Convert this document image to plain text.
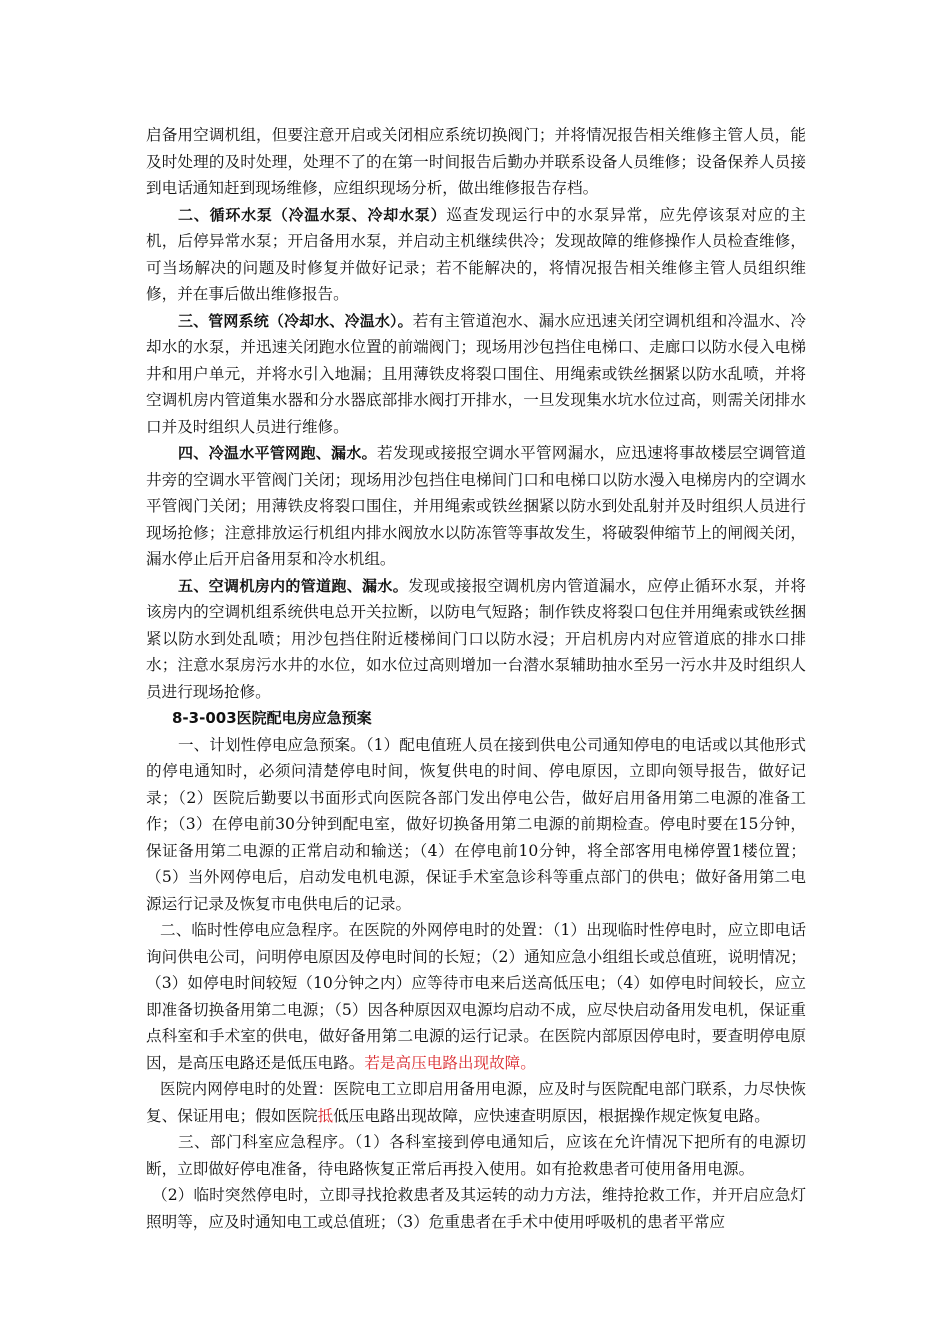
启备用空调机组，但要注意开启或关闭相应系统切换阀门；并将情况报告相关维修主管人员，能及时处理的及时处理，处理不了的在第一时间报告后勤办并联系设备人员维修；设备保养人员接到电话通知赶到现场维修，应组织现场分析，做出维修报告存档。

二、循环水泵（冷温水泵、冷却水泵）巡查发现运行中的水泵异常，应先停该泵对应的主机，后停异常水泵；开启备用水泵，并启动主机继续供冷；发现故障的维修操作人员检查维修，可当场解决的问题及时修复并做好记录；若不能解决的，将情况报告相关维修主管人员组织维修，并在事后做出维修报告。

三、管网系统（冷却水、冷温水）。若有主管道泡水、漏水应迅速关闭空调机组和冷温水、冷却水的水泵，并迅速关闭跑水位置的前端阀门；现场用沙包挡住电梯口、走廊口以防水侵入电梯井和用户单元，并将水引入地漏；且用薄铁皮将裂口围住、用绳索或铁丝捆紧以防水乱喷，并将空调机房内管道集水器和分水器底部排水阀打开排水，一旦发现集水坑水位过高，则需关闭排水口并及时组织人员进行维修。

四、冷温水平管网跑、漏水。若发现或接报空调水平管网漏水，应迅速将事故楼层空调管道井旁的空调水平管阀门关闭；现场用沙包挡住电梯间门口和电梯口以防水漫入电梯房内的空调水平管阀门关闭；用薄铁皮将裂口围住，并用绳索或铁丝捆紧以防水到处乱射并及时组织人员进行现场抢修；注意排放运行机组内排水阀放水以防冻管等事故发生，将破裂伸缩节上的闸阀关闭，漏水停止后开启备用泵和冷水机组。

五、空调机房内的管道跑、漏水。发现或接报空调机房内管道漏水，应停止循环水泵，并将该房内的空调机组系统供电总开关拉断，以防电气短路；制作铁皮将裂口包住并用绳索或铁丝捆紧以防水到处乱喷；用沙包挡住附近楼梯间门口以防水浸；开启机房内对应管道底的排水口排水；注意水泵房污水井的水位，如水位过高则增加一台潜水泵辅助抽水至另一污水井及时组织人员进行现场抢修。

8-3-003医院配电房应急预案

一、计划性停电应急预案。（1）配电值班人员在接到供电公司通知停电的电话或以其他形式的停电通知时，必须问清楚停电时间，恢复供电的时间、停电原因，立即向领导报告，做好记录；（2）医院后勤要以书面形式向医院各部门发出停电公告，做好启用备用第二电源的准备工作；（3）在停电前30分钟到配电室，做好切换备用第二电源的前期检查。停电时要在15分钟，保证备用第二电源的正常启动和输送；（4）在停电前10分钟，将全部客用电梯停置1楼位置；（5）当外网停电后，启动发电机电源，保证手术室急诊科等重点部门的供电；做好备用第二电源运行记录及恢复市电供电后的记录。

二、临时性停电应急程序。在医院的外网停电时的处置：（1）出现临时性停电时，应立即电话询问供电公司，问明停电原因及停电时间的长短；（2）通知应急小组组长或总值班，说明情况；（3）如停电时间较短（10分钟之内）应等待市电来后送高低压电；（4）如停电时间较长，应立即准备切换备用第二电源；（5）因各种原因双电源均启动不成，应尽快启动备用发电机，保证重点科室和手术室的供电，做好备用第二电源的运行记录。在医院内部原因停电时，要查明停电原因，是高压电路还是低压电路。若是高压电路出现故障。

医院内网停电时的处置：医院电工立即启用备用电源，应及时与医院配电部门联系，力尽快恢复、保证用电；假如医院抵低压电路出现故障，应快速查明原因，根据操作规定恢复电路。

三、部门科室应急程序。（1）各科室接到停电通知后，应该在允许情况下把所有的电源切断，立即做好停电准备，待电路恢复正常后再投入使用。如有抢救患者可使用备用电源。

（2）临时突然停电时，立即寻找抢救患者及其运转的动力方法，维持抢救工作，并开启应急灯照明等，应及时通知电工或总值班；（3）危重患者在手术中使用呼吸机的患者平常应
